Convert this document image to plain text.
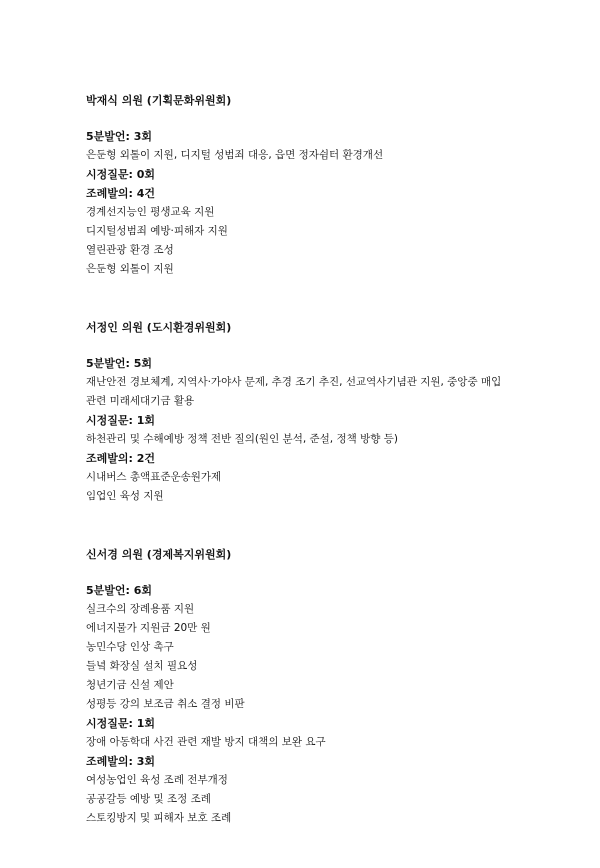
박재식 의원 (기획문화위원회)
5분발언: 3회
은둔형 외톨이 지원, 디지털 성범죄 대응, 읍면 정자쉼터 환경개선
시정질문: 0회
조례발의: 4건
경계선지능인 평생교육 지원
디지털성범죄 예방·피해자 지원
열린관광 환경 조성
은둔형 외톨이 지원
서정인 의원 (도시환경위원회)
5분발언: 5회
재난안전 경보체계, 지역사·가야사 문제, 추경 조기 추진, 선교역사기념관 지원, 중앙중 매입
관련 미래세대기금 활용
시정질문: 1회
하천관리 및 수해예방 정책 전반 질의(원인 분석, 준설, 정책 방향 등)
조례발의: 2건
시내버스 총액표준운송원가제
임업인 육성 지원
신서경 의원 (경제복지위원회)
5분발언: 6회
실크수의 장례용품 지원
에너지물가 지원금 20만 원
농민수당 인상 촉구
들녘 화장실 설치 필요성
청년기금 신설 제안
성평등 강의 보조금 취소 결정 비판
시정질문: 1회
장애 아동학대 사건 관련 재발 방지 대책의 보완 요구
조례발의: 3회
여성농업인 육성 조례 전부개정
공공갈등 예방 및 조정 조례
스토킹방지 및 피해자 보호 조례
